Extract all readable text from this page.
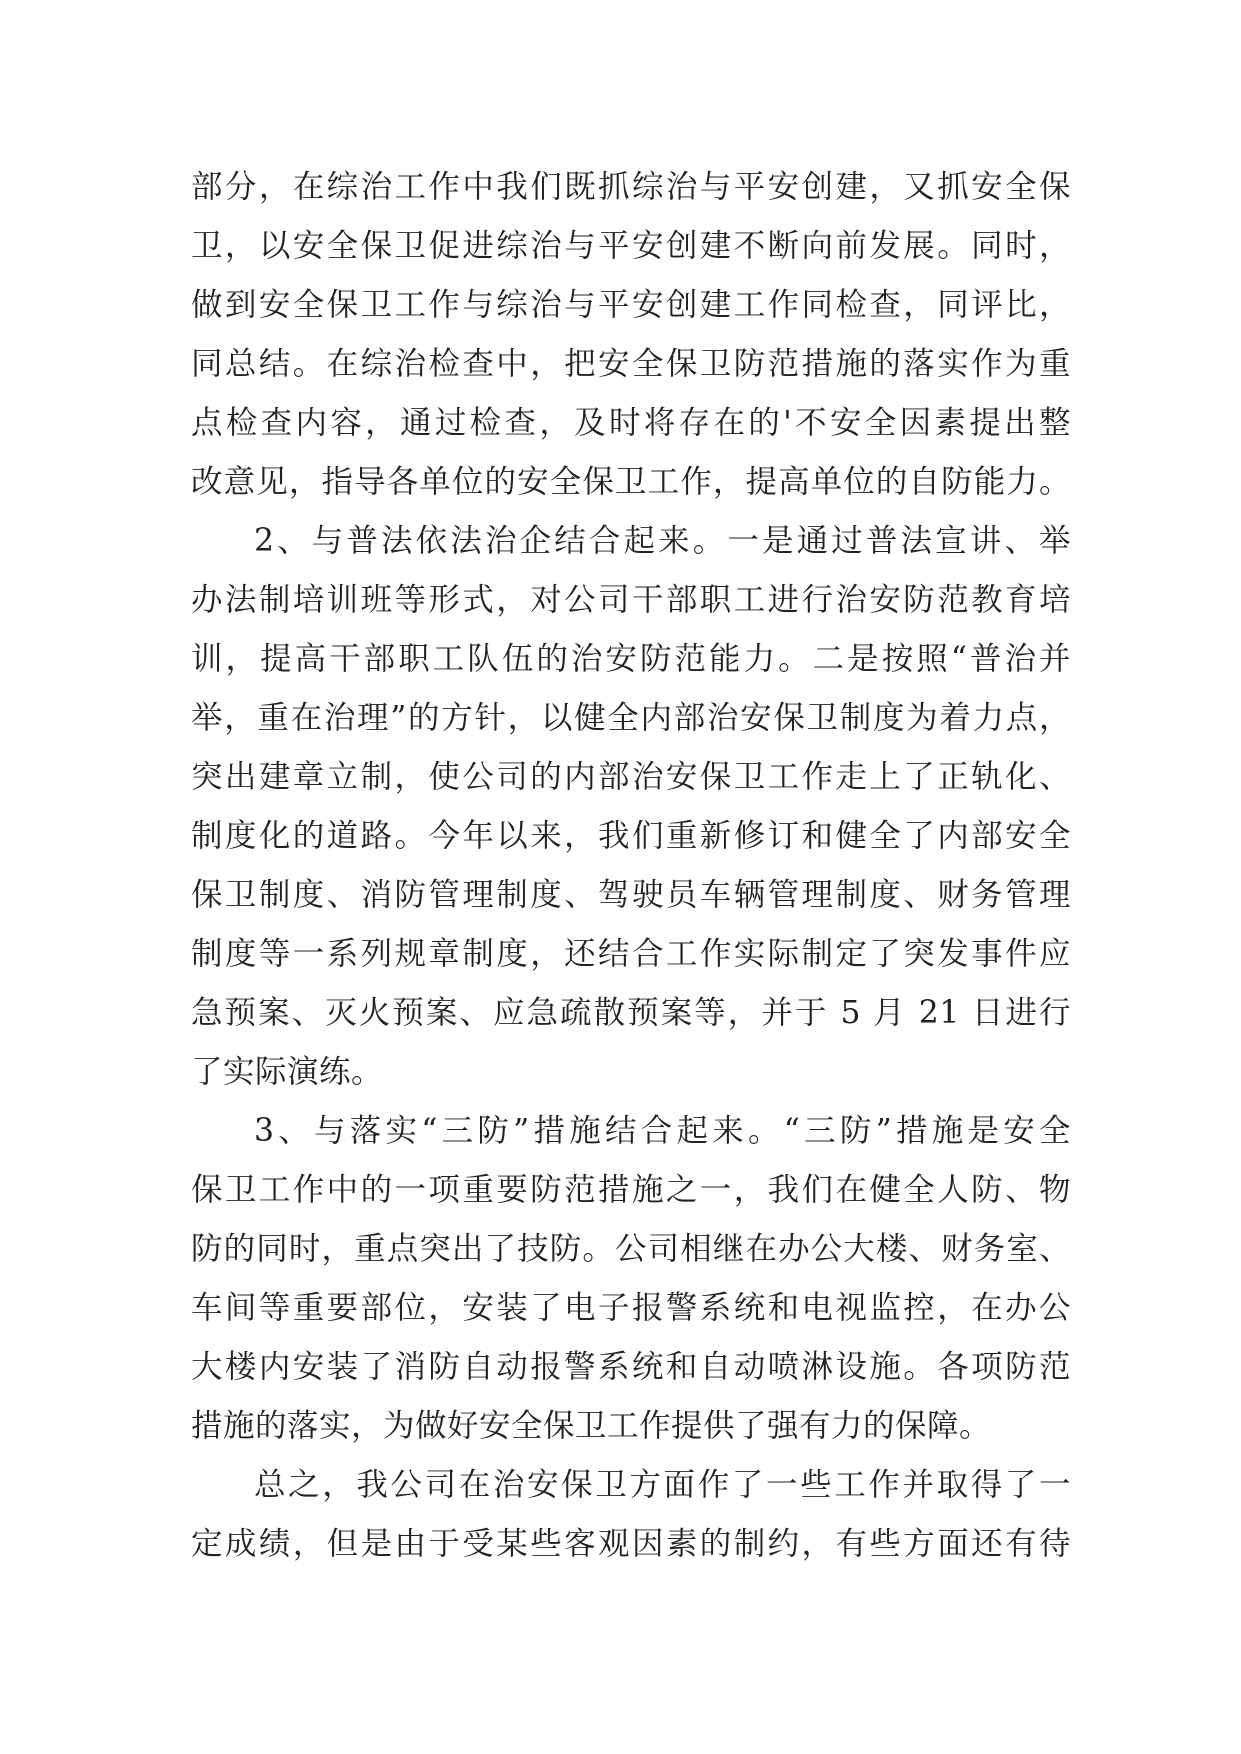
部分，在综治工作中我们既抓综治与平安创建，又抓安全保
卫，以安全保卫促进综治与平安创建不断向前发展。同时，
做到安全保卫工作与综治与平安创建工作同检查，同评比，
同总结。在综治检查中，把安全保卫防范措施的落实作为重
点检查内容，通过检查，及时将存在的'不安全因素提出整
改意见，指导各单位的安全保卫工作，提高单位的自防能力。
2、与普法依法治企结合起来。一是通过普法宣讲、举
办法制培训班等形式，对公司干部职工进行治安防范教育培
训，提高干部职工队伍的治安防范能力。二是按照“普治并
举，重在治理”的方针，以健全内部治安保卫制度为着力点，
突出建章立制，使公司的内部治安保卫工作走上了正轨化、
制度化的道路。今年以来，我们重新修订和健全了内部安全
保卫制度、消防管理制度、驾驶员车辆管理制度、财务管理
制度等一系列规章制度，还结合工作实际制定了突发事件应
急预案、灭火预案、应急疏散预案等，并于 5 月 21 日进行
了实际演练。
3、与落实“三防”措施结合起来。“三防”措施是安全
保卫工作中的一项重要防范措施之一，我们在健全人防、物
防的同时，重点突出了技防。公司相继在办公大楼、财务室、
车间等重要部位，安装了电子报警系统和电视监控，在办公
大楼内安装了消防自动报警系统和自动喷淋设施。各项防范
措施的落实，为做好安全保卫工作提供了强有力的保障。
总之，我公司在治安保卫方面作了一些工作并取得了一
定成绩，但是由于受某些客观因素的制约，有些方面还有待
